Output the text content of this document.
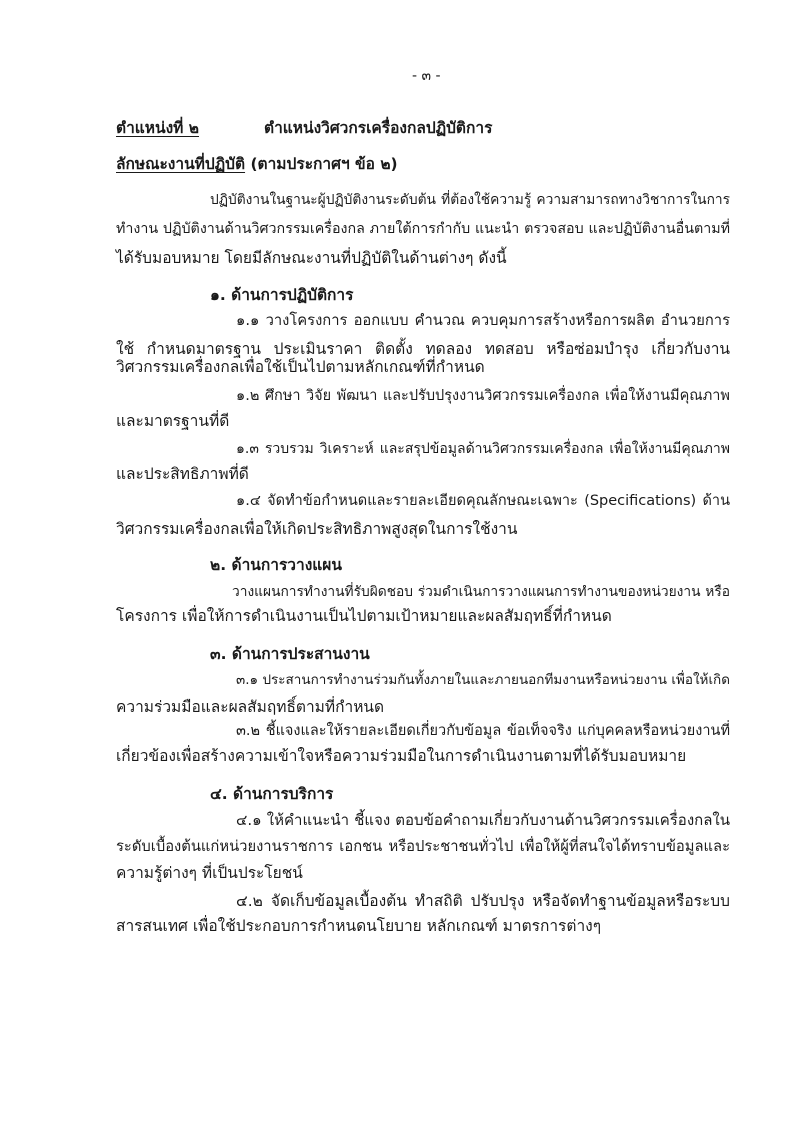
- ๓ -
ตำแหน่งที่ ๒	ตำแหน่งวิศวกรเครื่องกลปฏิบัติการ
ลักษณะงานที่ปฏิบัติ (ตามประกาศฯ ข้อ ๒)
ปฏิบัติงานในฐานะผู้ปฏิบัติงานระดับต้น ที่ต้องใช้ความรู้ ความสามารถทางวิชาการในการ
ทำงาน ปฏิบัติงานด้านวิศวกรรมเครื่องกล ภายใต้การกำกับ แนะนำ ตรวจสอบ และปฏิบัติงานอื่นตามที่
ได้รับมอบหมาย โดยมีลักษณะงานที่ปฏิบัติในด้านต่างๆ ดังนี้
๑. ด้านการปฏิบัติการ
๑.๑ วางโครงการ ออกแบบ คำนวณ ควบคุมการสร้างหรือการผลิต อำนวยการ
ใช้ กำหนดมาตรฐาน ประเมินราคา ติดตั้ง ทดลอง ทดสอบ หรือซ่อมบำรุง เกี่ยวกับงาน
วิศวกรรมเครื่องกลเพื่อใช้เป็นไปตามหลักเกณฑ์ที่กำหนด
๑.๒ ศึกษา วิจัย พัฒนา และปรับปรุงงานวิศวกรรมเครื่องกล เพื่อให้งานมีคุณภาพ
และมาตรฐานที่ดี
๑.๓ รวบรวม วิเคราะห์ และสรุปข้อมูลด้านวิศวกรรมเครื่องกล เพื่อให้งานมีคุณภาพ
และประสิทธิภาพที่ดี
๑.๔ จัดทำข้อกำหนดและรายละเอียดคุณลักษณะเฉพาะ (Specifications) ด้าน
วิศวกรรมเครื่องกลเพื่อให้เกิดประสิทธิภาพสูงสุดในการใช้งาน
๒. ด้านการวางแผน
วางแผนการทำงานที่รับผิดชอบ ร่วมดำเนินการวางแผนการทำงานของหน่วยงาน หรือ
โครงการ เพื่อให้การดำเนินงานเป็นไปตามเป้าหมายและผลสัมฤทธิ์ที่กำหนด
๓. ด้านการประสานงาน
๓.๑ ประสานการทำงานร่วมกันทั้งภายในและภายนอกทีมงานหรือหน่วยงาน เพื่อให้เกิด
ความร่วมมือและผลสัมฤทธิ์ตามที่กำหนด
๓.๒ ชี้แจงและให้รายละเอียดเกี่ยวกับข้อมูล ข้อเท็จจริง แก่บุคคลหรือหน่วยงานที่
เกี่ยวข้องเพื่อสร้างความเข้าใจหรือความร่วมมือในการดำเนินงานตามที่ได้รับมอบหมาย
๔. ด้านการบริการ
๔.๑ ให้คำแนะนำ ชี้แจง ตอบข้อคำถามเกี่ยวกับงานด้านวิศวกรรมเครื่องกลใน
ระดับเบื้องต้นแก่หน่วยงานราชการ เอกชน หรือประชาชนทั่วไป เพื่อให้ผู้ที่สนใจได้ทราบข้อมูลและ
ความรู้ต่างๆ ที่เป็นประโยชน์
๔.๒ จัดเก็บข้อมูลเบื้องต้น ทำสถิติ ปรับปรุง หรือจัดทำฐานข้อมูลหรือระบบ
สารสนเทศ เพื่อใช้ประกอบการกำหนดนโยบาย หลักเกณฑ์ มาตรการต่างๆ
